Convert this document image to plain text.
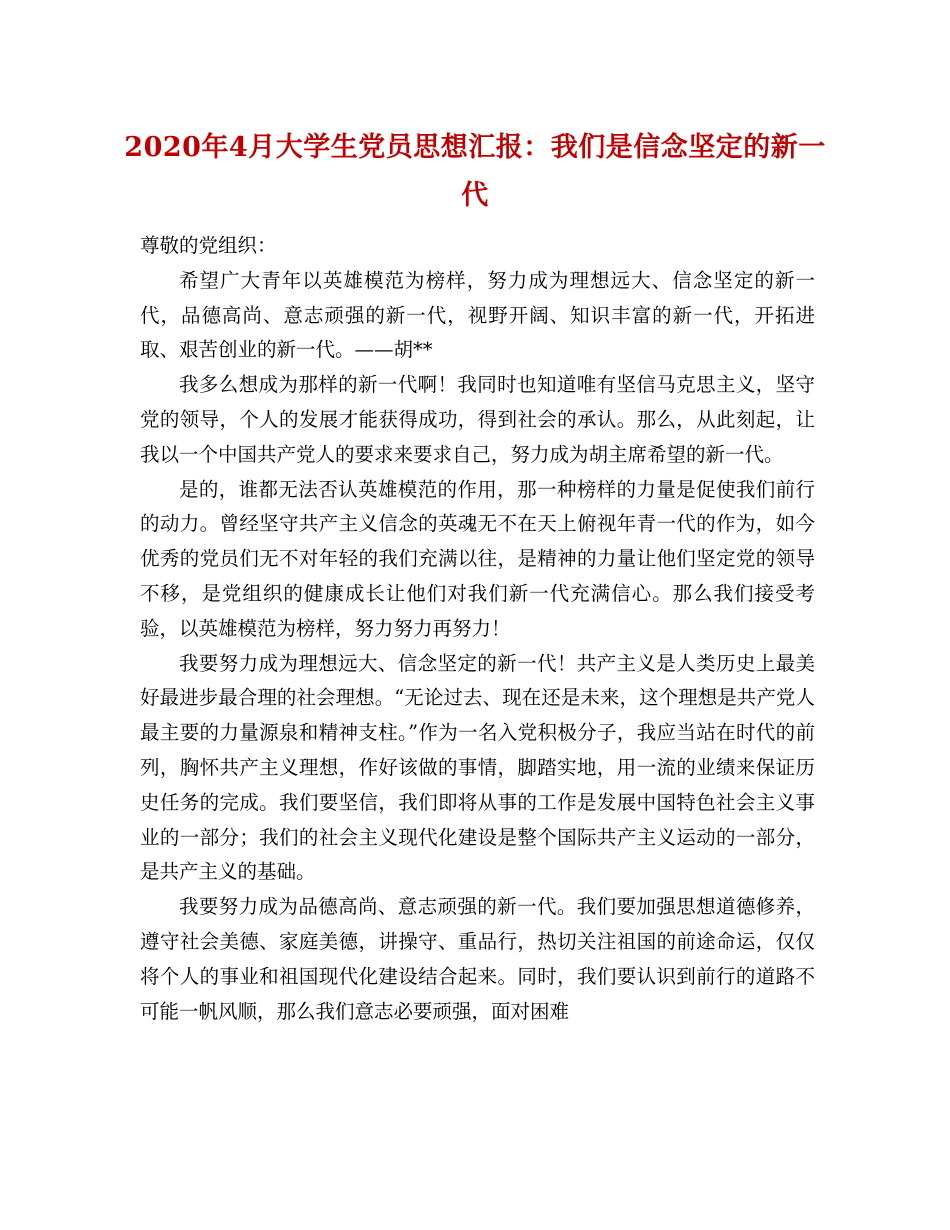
2020年4月大学生党员思想汇报：我们是信念坚定的新一代

尊敬的党组织：

希望广大青年以英雄模范为榜样，努力成为理想远大、信念坚定的新一代，品德高尚、意志顽强的新一代，视野开阔、知识丰富的新一代，开拓进取、艰苦创业的新一代。——胡**

我多么想成为那样的新一代啊！我同时也知道唯有坚信马克思主义，坚守党的领导，个人的发展才能获得成功，得到社会的承认。那么，从此刻起，让我以一个中国共产党人的要求来要求自己，努力成为胡主席希望的新一代。

是的，谁都无法否认英雄模范的作用，那一种榜样的力量是促使我们前行的动力。曾经坚守共产主义信念的英魂无不在天上俯视年青一代的作为，如今优秀的党员们无不对年轻的我们充满以往，是精神的力量让他们坚定党的领导不移，是党组织的健康成长让他们对我们新一代充满信心。那么我们接受考验，以英雄模范为榜样，努力努力再努力！

我要努力成为理想远大、信念坚定的新一代！共产主义是人类历史上最美好最进步最合理的社会理想。“无论过去、现在还是未来，这个理想是共产党人最主要的力量源泉和精神支柱。”作为一名入党积极分子，我应当站在时代的前列，胸怀共产主义理想，作好该做的事情，脚踏实地，用一流的业绩来保证历史任务的完成。我们要坚信，我们即将从事的工作是发展中国特色社会主义事业的一部分；我们的社会主义现代化建设是整个国际共产主义运动的一部分，是共产主义的基础。

我要努力成为品德高尚、意志顽强的新一代。我们要加强思想道德修养，遵守社会美德、家庭美德，讲操守、重品行，热切关注祖国的前途命运，仅仅将个人的事业和祖国现代化建设结合起来。同时，我们要认识到前行的道路不可能一帆风顺，那么我们意志必要顽强，面对困难
